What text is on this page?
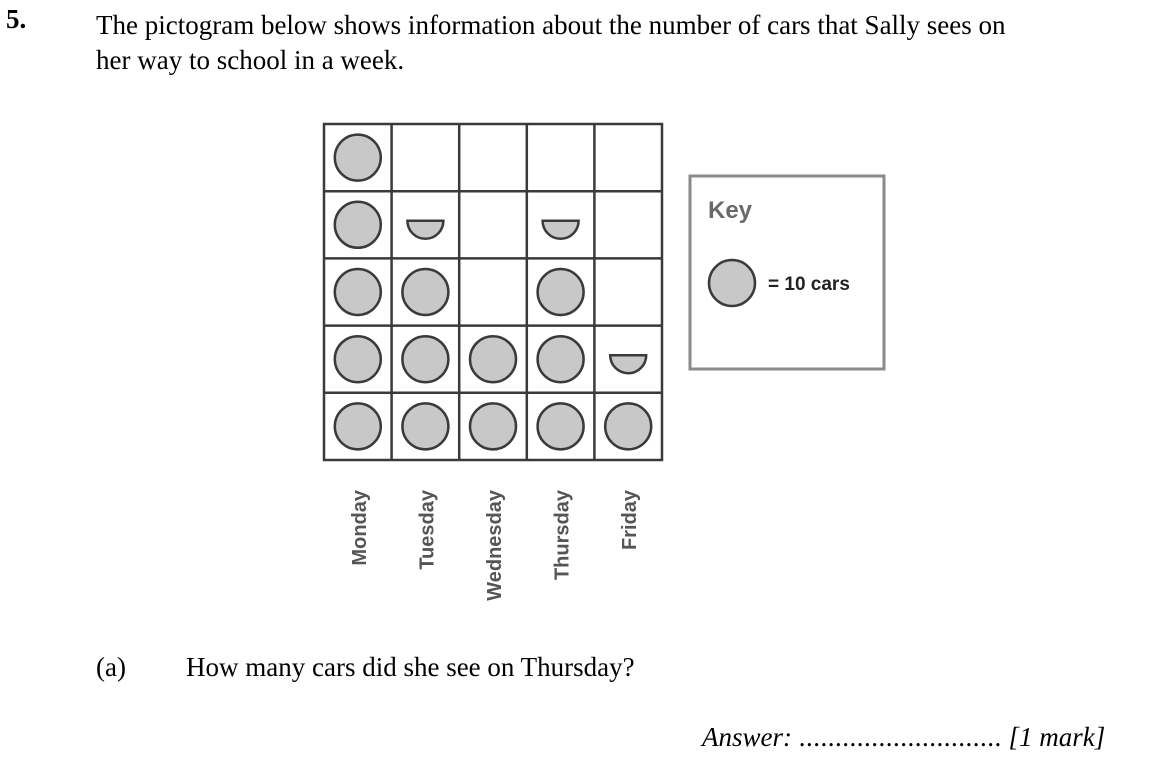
5.	The pictogram below shows information about the number of cars that Sally sees on
her way to school in a week.
Monday Tuesday Wednesday Thursday Friday
Key
= 10 cars
(a) How many cars did she see on Thursday?
Answer: ............................ [1 mark]
